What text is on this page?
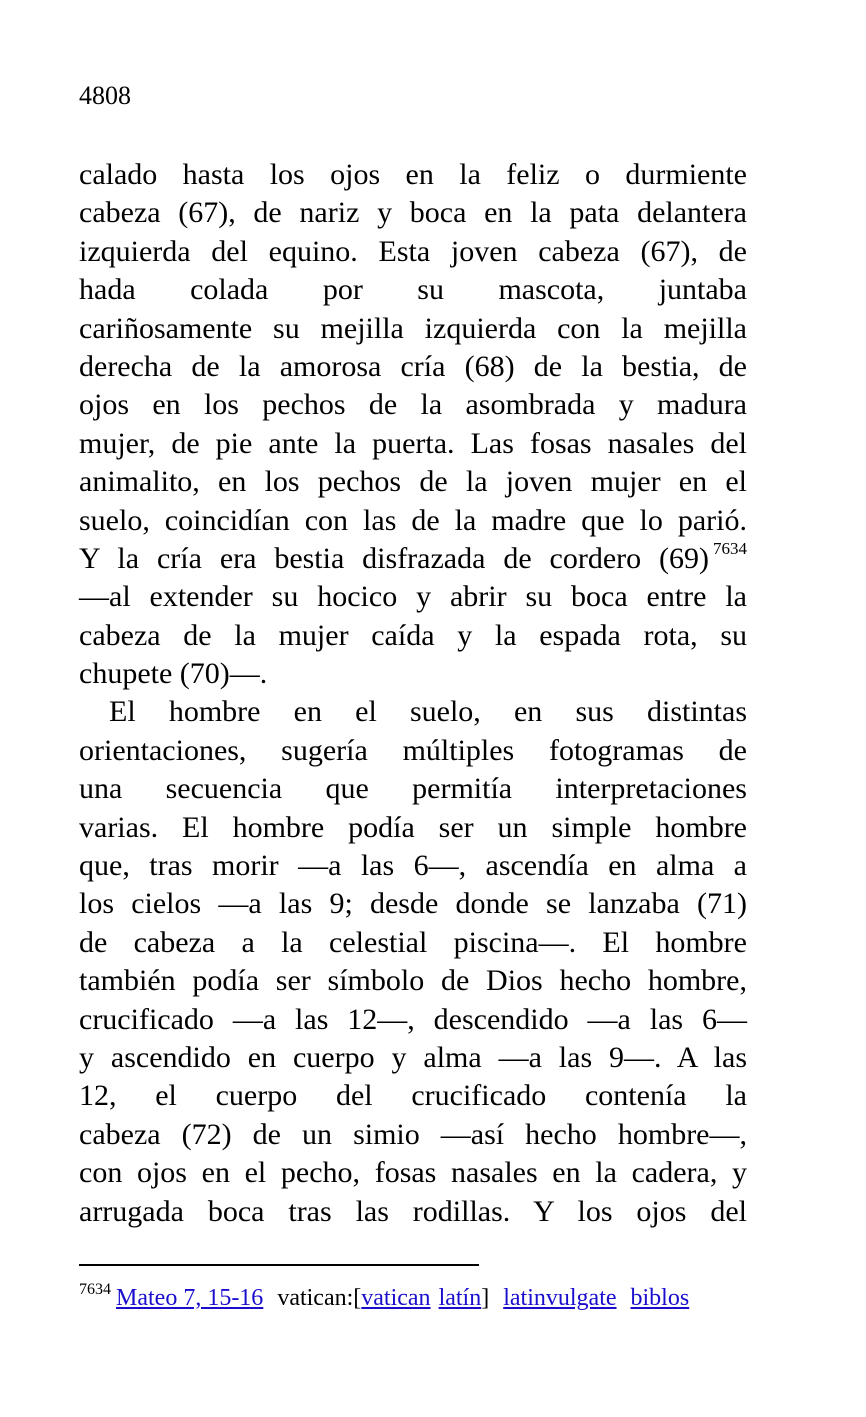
4808
calado hasta los ojos en la feliz o durmiente
cabeza (67), de nariz y boca en la pata delantera
izquierda del equino. Esta joven cabeza (67), de
hada colada por su mascota, juntaba
cariñosamente su mejilla izquierda con la mejilla
derecha de la amorosa cría (68) de la bestia, de
ojos en los pechos de la asombrada y madura
mujer, de pie ante la puerta. Las fosas nasales del
animalito, en los pechos de la joven mujer en el
suelo, coincidían con las de la madre que lo parió.
Y la cría era bestia disfrazada de cordero (69) $^{7634}$
—al extender su hocico y abrir su boca entre la
cabeza de la mujer caída y la espada rota, su
chupete (70)—.
El hombre en el suelo, en sus distintas
orientaciones, sugería múltiples fotogramas de
una secuencia que permitía interpretaciones
varias. El hombre podía ser un simple hombre
que, tras morir —a las 6—, ascendía en alma a
los cielos —a las 9; desde donde se lanzaba (71)
de cabeza a la celestial piscina—. El hombre
también podía ser símbolo de Dios hecho hombre,
crucificado —a las 12—, descendido —a las 6—
y ascendido en cuerpo y alma —a las 9—. A las
12, el cuerpo del crucificado contenía la
cabeza (72) de un simio —así hecho hombre—,
con ojos en el pecho, fosas nasales en la cadera, y
arrugada boca tras las rodillas. Y los ojos del
$^{7634}$ Mateo 7, 15-16 vatican:[vatican latín] latinvulgate biblos
